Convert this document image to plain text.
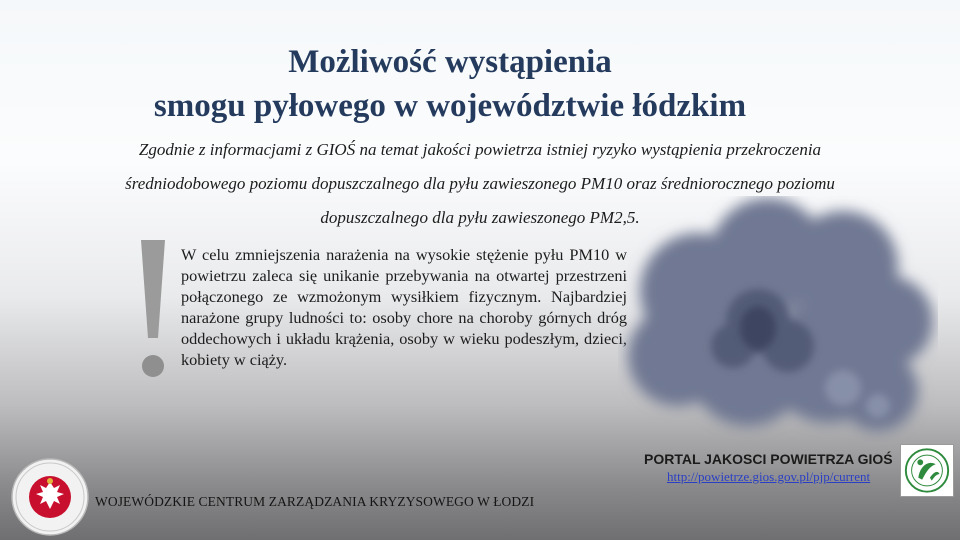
Możliwość wystąpienia
smogu pyłowego w województwie łódzkim
Zgodnie z informacjami z GIOŚ na temat jakości powietrza istniej ryzyko wystąpienia przekroczenia
średniodobowego poziomu dopuszczalnego dla pyłu zawieszonego PM10 oraz średniorocznego poziomu
dopuszczalnego dla pyłu zawieszonego PM2,5.
W celu zmniejszenia narażenia na wysokie stężenie pyłu PM10 w powietrzu zaleca się unikanie przebywania na otwartej przestrzeni połączonego ze wzmożonym wysiłkiem fizycznym. Najbardziej narażone grupy ludności to: osoby chore na choroby górnych dróg oddechowych i układu krążenia, osoby w wieku podeszłym, dzieci, kobiety w ciąży.
PORTAL JAKOSCI POWIETRZA GIOŚ
http://powietrze.gios.gov.pl/pjp/current
WOJEWÓDZKIE CENTRUM ZARZĄDZANIA KRYZYSOWEGO W ŁODZI
